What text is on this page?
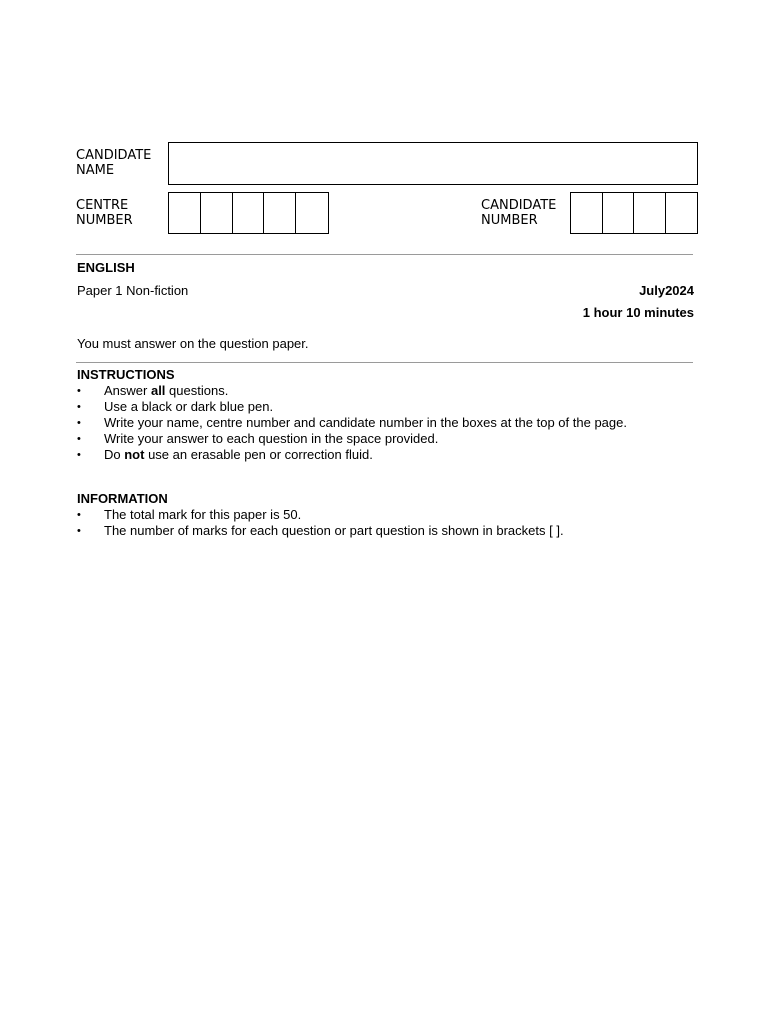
CANDIDATE
NAME
CENTRE
NUMBER
CANDIDATE
NUMBER
ENGLISH
Paper 1 Non-fiction	July2024
1 hour 10 minutes
You must answer on the question paper.
INSTRUCTIONS
•	Answer all questions.
•	Use a black or dark blue pen.
•	Write your name, centre number and candidate number in the boxes at the top of the page.
•	Write your answer to each question in the space provided.
•	Do not use an erasable pen or correction fluid.
INFORMATION
•	The total mark for this paper is 50.
•	The number of marks for each question or part question is shown in brackets [ ].
